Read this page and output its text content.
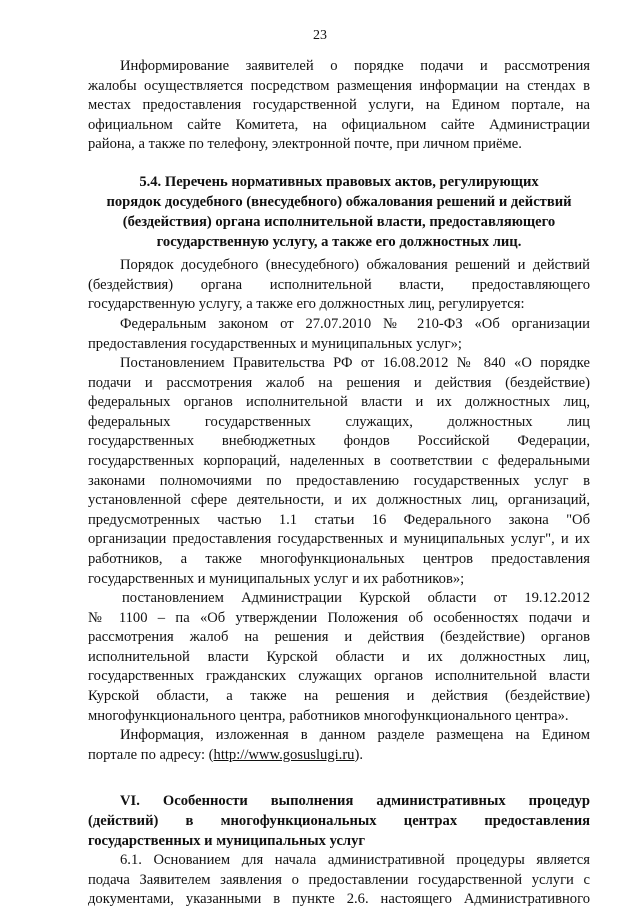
23
Информирование заявителей о порядке подачи и рассмотрения
жалобы осуществляется посредством размещения информации на стендах в
местах предоставления государственной услуги, на Едином портале, на
официальном сайте Комитета, на официальном сайте Администрации
района, а также по телефону, электронной почте, при личном приёме.
5.4. Перечень нормативных правовых актов, регулирующих
порядок досудебного (внесудебного) обжалования решений и действий
(бездействия) органа исполнительной власти, предоставляющего
государственную услугу, а также его должностных лиц.
Порядок досудебного (внесудебного) обжалования решений и действий
(бездействия) органа исполнительной власти, предоставляющего
государственную услугу, а также его должностных лиц, регулируется:
Федеральным законом от 27.07.2010 № 210-ФЗ «Об организации
предоставления государственных и муниципальных услуг»;
Постановлением Правительства РФ от 16.08.2012 № 840 «О порядке
подачи и рассмотрения жалоб на решения и действия (бездействие)
федеральных органов исполнительной власти и их должностных лиц,
федеральных государственных служащих, должностных лиц
государственных внебюджетных фондов Российской Федерации,
государственных корпораций, наделенных в соответствии с федеральными
законами полномочиями по предоставлению государственных услуг в
установленной сфере деятельности, и их должностных лиц, организаций,
предусмотренных частью 1.1 статьи 16 Федерального закона "Об
организации предоставления государственных и муниципальных услуг", и их
работников, а также многофункциональных центров предоставления
государственных и муниципальных услуг и их работников»;
постановлением Администрации Курской области от 19.12.2012
№ 1100 – па «Об утверждении Положения об особенностях подачи и
рассмотрения жалоб на решения и действия (бездействие) органов
исполнительной власти Курской области и их должностных лиц,
государственных гражданских служащих органов исполнительной власти
Курской области, а также на решения и действия (бездействие)
многофункционального центра, работников многофункционального центра».
Информация, изложенная в данном разделе размещена на Едином
портале по адресу: (http://www.gosuslugi.ru).
VI. Особенности выполнения административных процедур
(действий) в многофункциональных центрах предоставления
государственных и муниципальных услуг
6.1. Основанием для начала административной процедуры является
подача Заявителем заявления о предоставлении государственной услуги с
документами, указанными в пункте 2.6. настоящего Административного
